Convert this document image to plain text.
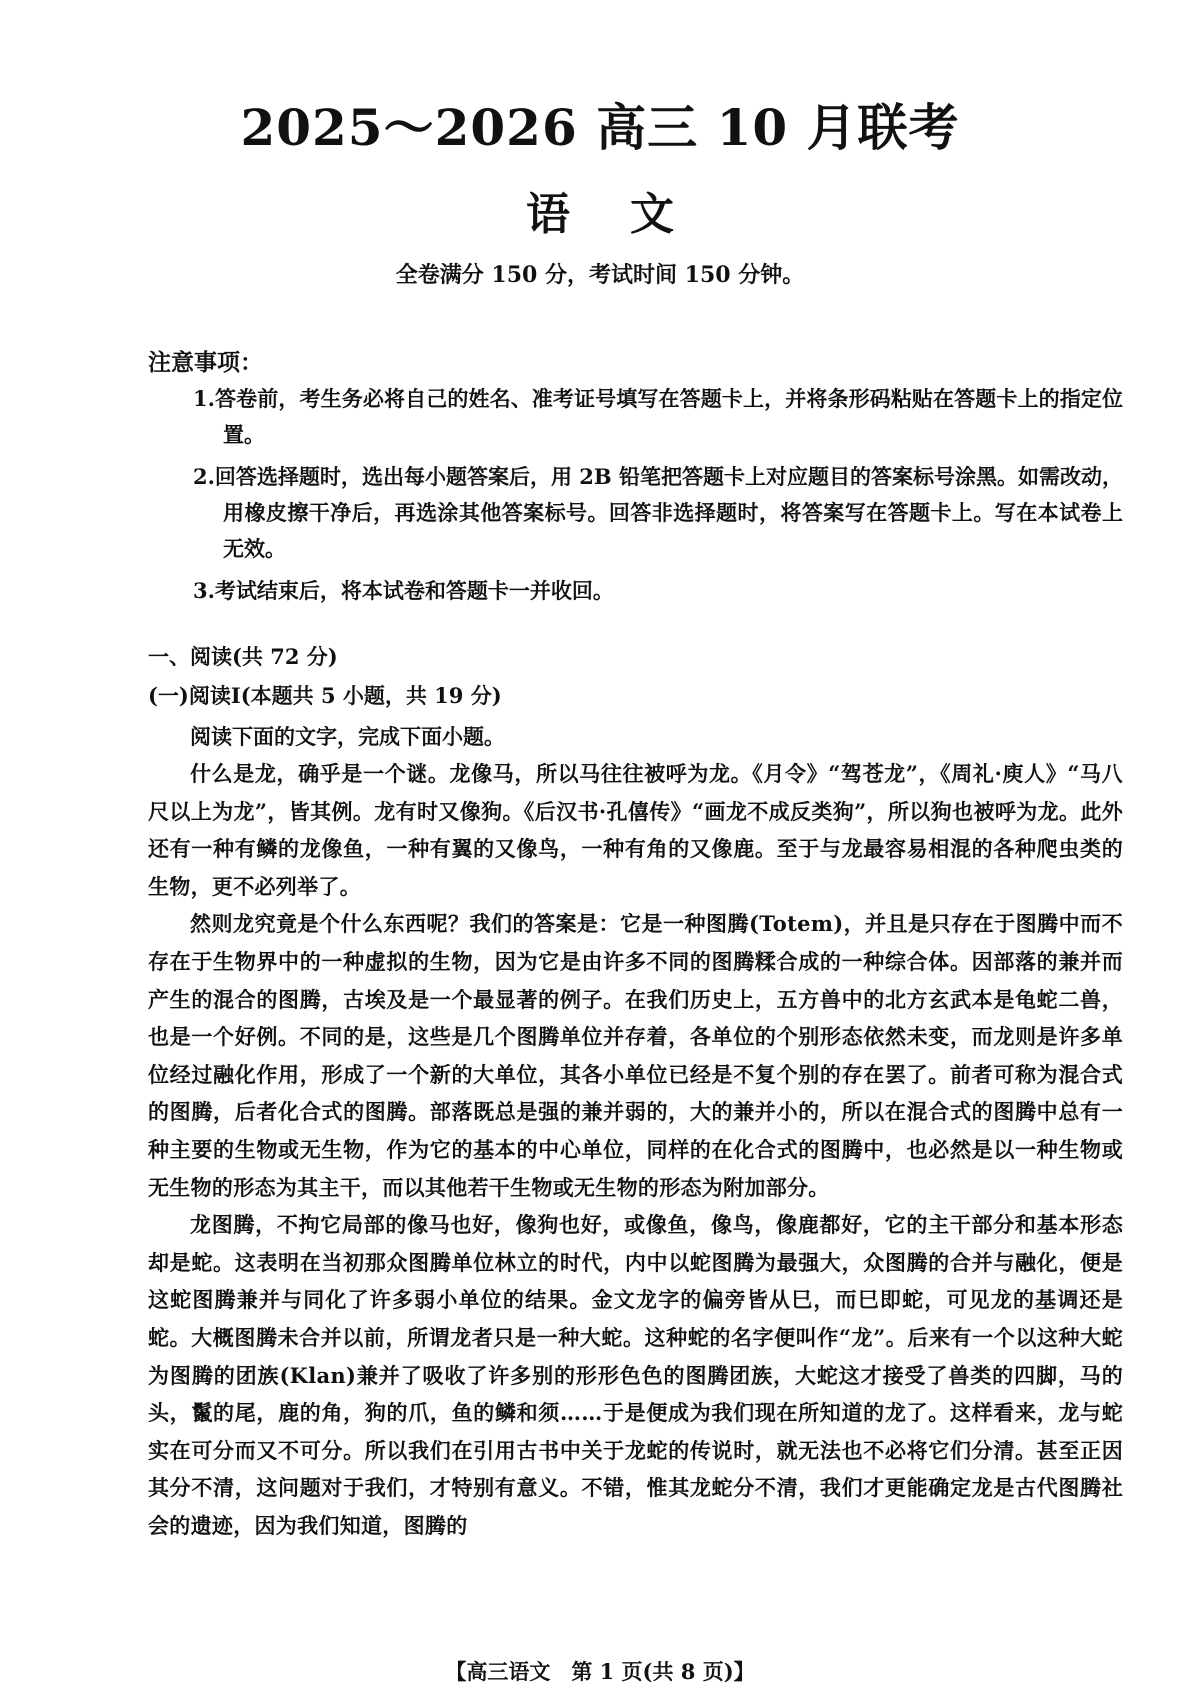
2025～2026 高三 10 月联考
语文

全卷满分 150 分，考试时间 150 分钟。

注意事项：

1.答卷前，考生务必将自己的姓名、准考证号填写在答题卡上，并将条形码粘贴在答题卡上的指定位置。
2.回答选择题时，选出每小题答案后，用 2B 铅笔把答题卡上对应题目的答案标号涂黑。如需改动，用橡皮擦干净后，再选涂其他答案标号。回答非选择题时，将答案写在答题卡上。写在本试卷上无效。
3.考试结束后，将本试卷和答题卡一并收回。

一、阅读(共 72 分)

(一)阅读Ⅰ(本题共 5 小题，共 19 分)

阅读下面的文字，完成下面小题。

什么是龙，确乎是一个谜。龙像马，所以马往往被呼为龙。《月令》“驾苍龙”，《周礼·庾人》“马八尺以上为龙”，皆其例。龙有时又像狗。《后汉书·孔僖传》“画龙不成反类狗”，所以狗也被呼为龙。此外还有一种有鳞的龙像鱼，一种有翼的又像鸟，一种有角的又像鹿。至于与龙最容易相混的各种爬虫类的生物，更不必列举了。

然则龙究竟是个什么东西呢？我们的答案是：它是一种图腾(Totem)，并且是只存在于图腾中而不存在于生物界中的一种虚拟的生物，因为它是由许多不同的图腾糅合成的一种综合体。因部落的兼并而产生的混合的图腾，古埃及是一个最显著的例子。在我们历史上，五方兽中的北方玄武本是龟蛇二兽，也是一个好例。不同的是，这些是几个图腾单位并存着，各单位的个别形态依然未变，而龙则是许多单位经过融化作用，形成了一个新的大单位，其各小单位已经是不复个别的存在罢了。前者可称为混合式的图腾，后者化合式的图腾。部落既总是强的兼并弱的，大的兼并小的，所以在混合式的图腾中总有一种主要的生物或无生物，作为它的基本的中心单位，同样的在化合式的图腾中，也必然是以一种生物或无生物的形态为其主干，而以其他若干生物或无生物的形态为附加部分。

龙图腾，不拘它局部的像马也好，像狗也好，或像鱼，像鸟，像鹿都好，它的主干部分和基本形态却是蛇。这表明在当初那众图腾单位林立的时代，内中以蛇图腾为最强大，众图腾的合并与融化，便是这蛇图腾兼并与同化了许多弱小单位的结果。金文龙字的偏旁皆从巳，而巳即蛇，可见龙的基调还是蛇。大概图腾未合并以前，所谓龙者只是一种大蛇。这种蛇的名字便叫作“龙”。后来有一个以这种大蛇为图腾的团族(Klan)兼并了吸收了许多别的形形色色的图腾团族，大蛇这才接受了兽类的四脚，马的头，鬣的尾，鹿的角，狗的爪，鱼的鳞和须……于是便成为我们现在所知道的龙了。这样看来，龙与蛇实在可分而又不可分。所以我们在引用古书中关于龙蛇的传说时，就无法也不必将它们分清。甚至正因其分不清，这问题对于我们，才特别有意义。不错，惟其龙蛇分不清，我们才更能确定龙是古代图腾社会的遗迹，因为我们知道，图腾的

【高三语文　第 1 页(共 8 页)】
